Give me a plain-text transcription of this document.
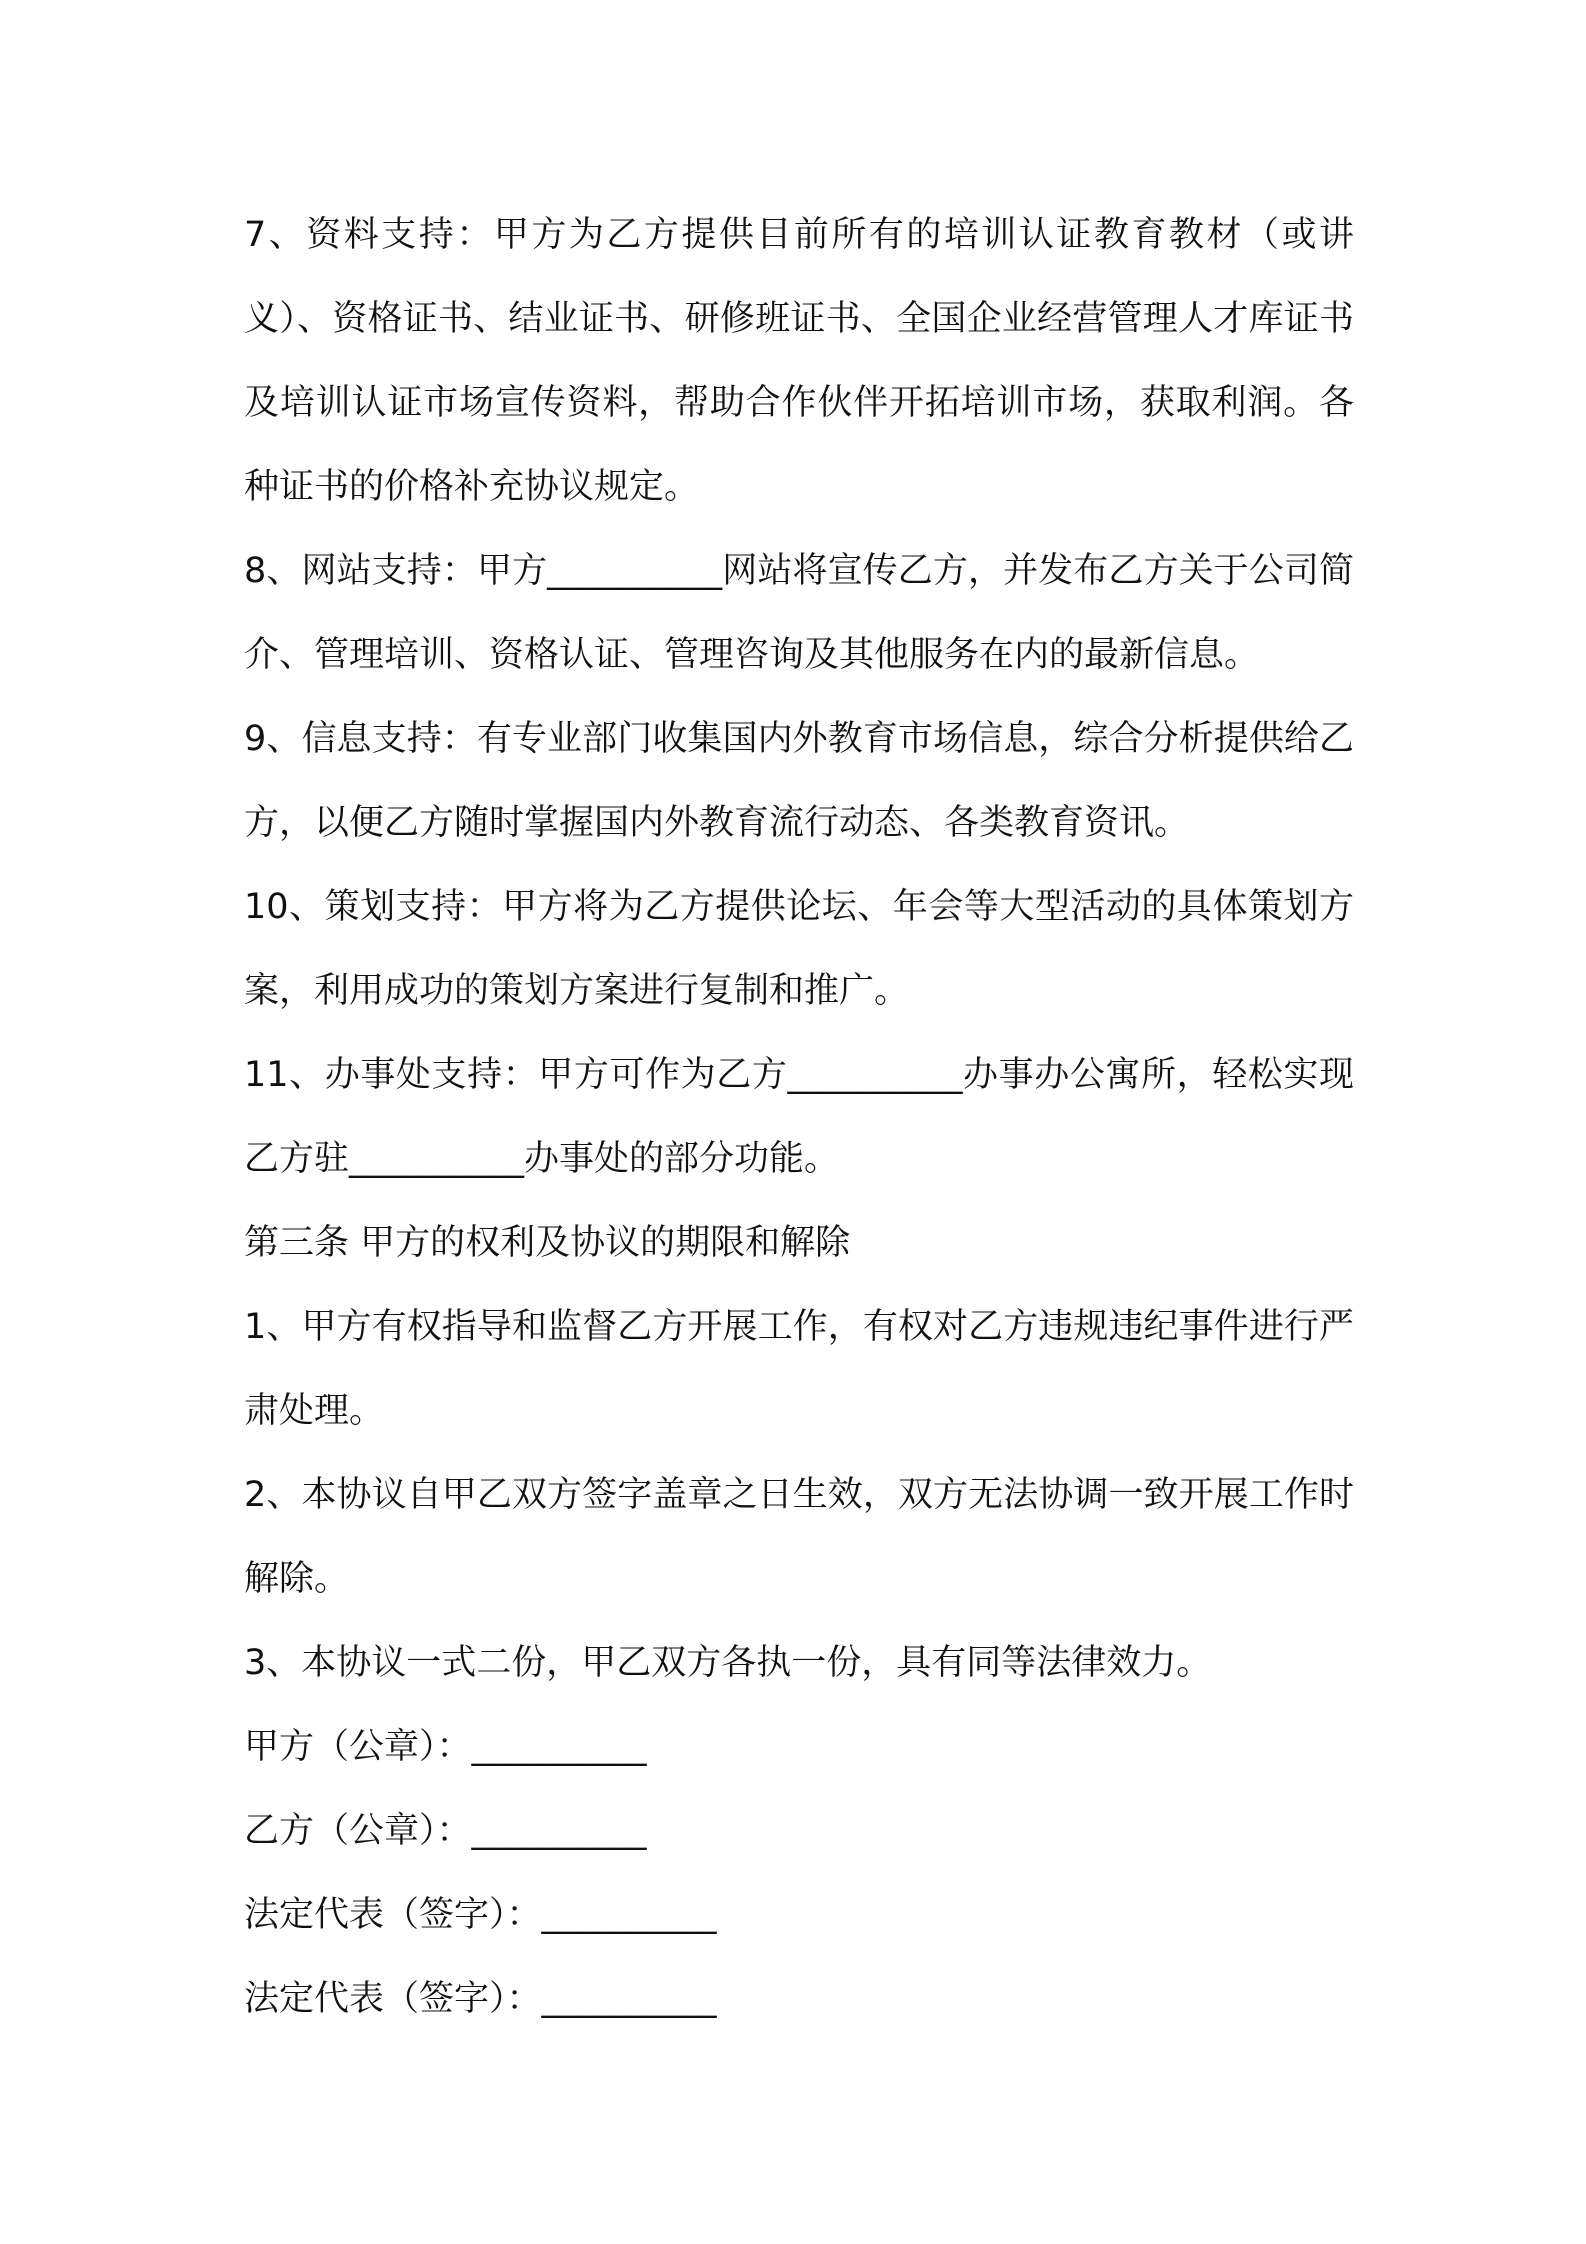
7、资料支持：甲方为乙方提供目前所有的培训认证教育教材（或讲义）、资格证书、结业证书、研修班证书、全国企业经营管理人才库证书及培训认证市场宣传资料，帮助合作伙伴开拓培训市场，获取利润。各种证书的价格补充协议规定。

8、网站支持：甲方__________网站将宣传乙方，并发布乙方关于公司简介、管理培训、资格认证、管理咨询及其他服务在内的最新信息。

9、信息支持：有专业部门收集国内外教育市场信息，综合分析提供给乙方，以便乙方随时掌握国内外教育流行动态、各类教育资讯。

10、策划支持：甲方将为乙方提供论坛、年会等大型活动的具体策划方案，利用成功的策划方案进行复制和推广。

11、办事处支持：甲方可作为乙方__________办事办公寓所，轻松实现乙方驻__________办事处的部分功能。

第三条 甲方的权利及协议的期限和解除

1、甲方有权指导和监督乙方开展工作，有权对乙方违规违纪事件进行严肃处理。

2、本协议自甲乙双方签字盖章之日生效，双方无法协调一致开展工作时解除。

3、本协议一式二份，甲乙双方各执一份，具有同等法律效力。

甲方（公章）：__________

乙方（公章）：__________

法定代表（签字）：__________

法定代表（签字）：__________
